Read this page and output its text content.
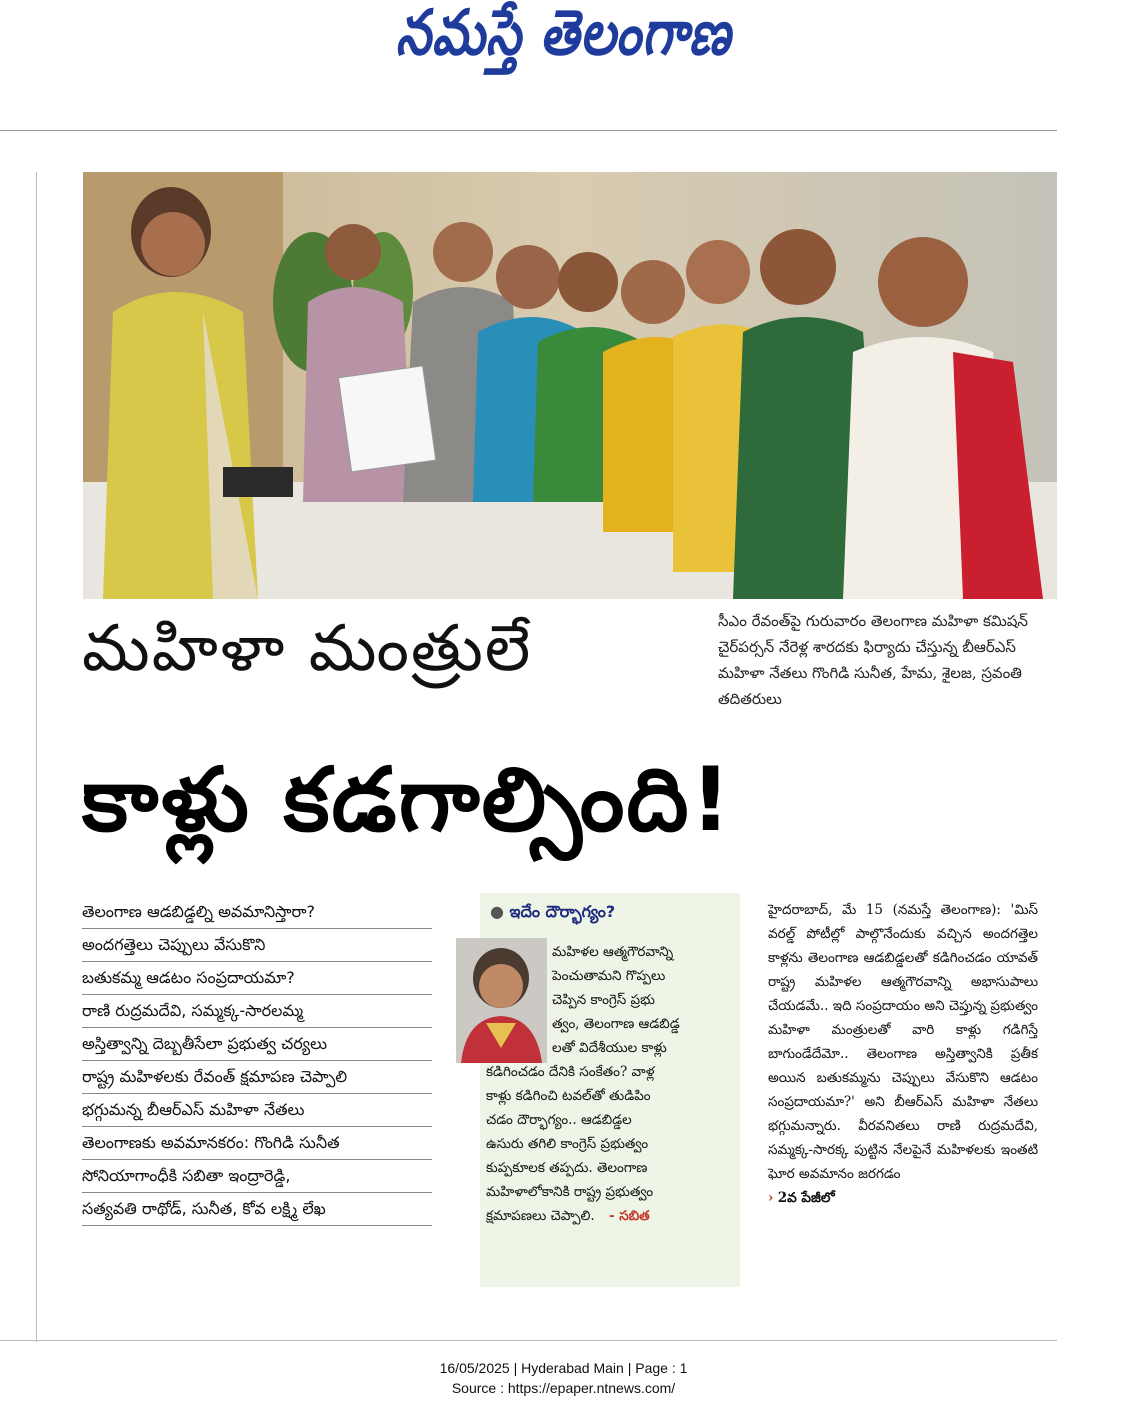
నమస్తే తెలంగాణ
సీఎం రేవంత్‌పై గురువారం తెలంగాణ మహిళా కమిషన్ చైర్‌పర్సన్ నేరెళ్ల శారదకు ఫిర్యాదు చేస్తున్న బీఆర్‌ఎస్ మహిళా నేతలు గొంగిడి సునీత, హేమ, శైలజ, స్రవంతి తదితరులు
మహిళా మంత్రులే
కాళ్లు కడగాల్సింది!
తెలంగాణ ఆడబిడ్డల్ని అవమానిస్తారా?
అందగత్తెలు చెప్పులు వేసుకొని
బతుకమ్మ ఆడటం సంప్రదాయమా?
రాణి రుద్రమదేవి, సమ్మక్క-సారలమ్మ
అస్తిత్వాన్ని దెబ్బతీసేలా ప్రభుత్వ చర్యలు
రాష్ట్ర మహిళలకు రేవంత్ క్షమాపణ చెప్పాలి
భగ్గుమన్న బీఆర్‌ఎస్ మహిళా నేతలు
తెలంగాణకు అవమానకరం: గొంగిడి సునీత
సోనియాగాంధీకి సబితా ఇంద్రారెడ్డి,
సత్యవతి రాథోడ్, సునీత, కోవ లక్ష్మి లేఖ
● ఇదేం దౌర్భాగ్యం?

మహిళల ఆత్మగౌరవాన్ని

పెంచుతామని గొప్పలు

చెప్పిన కాంగ్రెస్ ప్రభు

త్వం, తెలంగాణ ఆడబిడ్డ

లతో విదేశీయుల కాళ్లు

కడిగించడం దేనికి సంకేతం? వాళ్ల

కాళ్లు కడిగించి టవల్‌తో తుడిపిం

చడం దౌర్భాగ్యం.. ఆడబిడ్డల

ఉసురు తగిలి కాంగ్రెస్ ప్రభుత్వం

కుప్పకూలక తప్పదు. తెలంగాణ

మహిళాలోకానికి రాష్ట్ర ప్రభుత్వం

క్షమాపణలు చెప్పాలి. - సబిత

హైదరాబాద్, మే 15 (నమస్తే తెలంగాణ): 'మిస్ వరల్డ్ పోటీల్లో పాల్గొనేందుకు వచ్చిన అందగత్తెల కాళ్లను తెలంగాణ ఆడబిడ్డలతో కడిగించడం యావత్ రాష్ట్ర మహిళల ఆత్మగౌరవాన్ని అభాసుపాలు చేయడమే.. ఇది సంప్రదాయం అని చెప్తున్న ప్రభుత్వం మహిళా మంత్రులతో వారి కాళ్లు గడిగిస్తే బాగుండేదేమో.. తెలంగాణ అస్తిత్వానికి ప్రతీక అయిన బతుకమ్మను చెప్పులు వేసుకొని ఆడటం సంప్రదాయమా?' అని బీఆర్‌ఎస్ మహిళా నేతలు భగ్గుమన్నారు. వీరవనితలు రాణి రుద్రమదేవి, సమ్మక్క-సారక్క పుట్టిన నేలపైనే మహిళలకు ఇంతటి ఘోర అవమానం జరగడం

› 2వ పేజీలో

16/05/2025 | Hyderabad Main | Page : 1
Source : https://epaper.ntnews.com/
